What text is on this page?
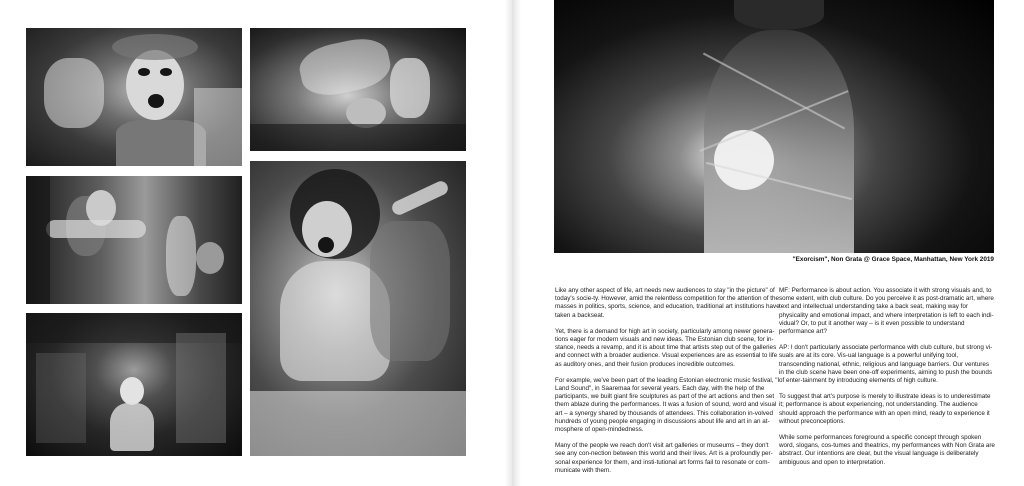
"Exorcism", Non Grata @ Grace Space, Manhattan, New York 2019

Like any other aspect of life, art needs new audiences to stay "in the picture" of today's socie-ty. However, amid the relentless competition for the attention of the masses in politics, sports, science, and education, traditional art institutions have taken a backseat.

Yet, there is a demand for high art in society, particularly among newer genera-tions eager for modern visuals and new ideas. The Estonian club scene, for in-stance, needs a revamp, and it is about time that artists step out of the galleries and connect with a broader audience. Visual experiences are as essential to life as auditory ones, and their fusion produces incredible outcomes.

For example, we've been part of the leading Estonian electronic music festival, "I Land Sound", in Saaremaa for several years. Each day, with the help of the participants, we built giant fire sculptures as part of the art actions and then set them ablaze during the performances. It was a fusion of sound, word and visual art – a synergy shared by thousands of attendees. This collaboration in-volved hundreds of young people engaging in discussions about life and art in an at-mosphere of open-mindedness.

Many of the people we reach don't visit art galleries or museums – they don't see any con-nection between this world and their lives. Art is a profoundly per-sonal experience for them, and insti-tutional art forms fail to resonate or com-municate with them.

MF: Performance is about action. You associate it with strong visuals and, to some extent, with club culture. Do you perceive it as post-dramatic art, where text and intellectual understanding take a back seat, making way for physicality and emotional impact, and where interpretation is left to each indi-vidual? Or, to put it another way – is it even possible to understand performance art?

AP: I don't particularly associate performance with club culture, but strong vi-suals are at its core. Vis-ual language is a powerful unifying tool, transcending national, ethnic, religious and language barriers. Our ventures in the club scene have been one-off experiments, aiming to push the bounds of enter-tainment by introducing elements of high culture.

To suggest that art's purpose is merely to illustrate ideas is to underestimate it; performance is about experiencing, not understanding. The audience should approach the performance with an open mind, ready to experience it without preconceptions.

While some performances foreground a specific concept through spoken word, slogans, cos-tumes and theatrics, my performances with Non Grata are abstract. Our intentions are clear, but the visual language is deliberately ambiguous and open to interpretation.
